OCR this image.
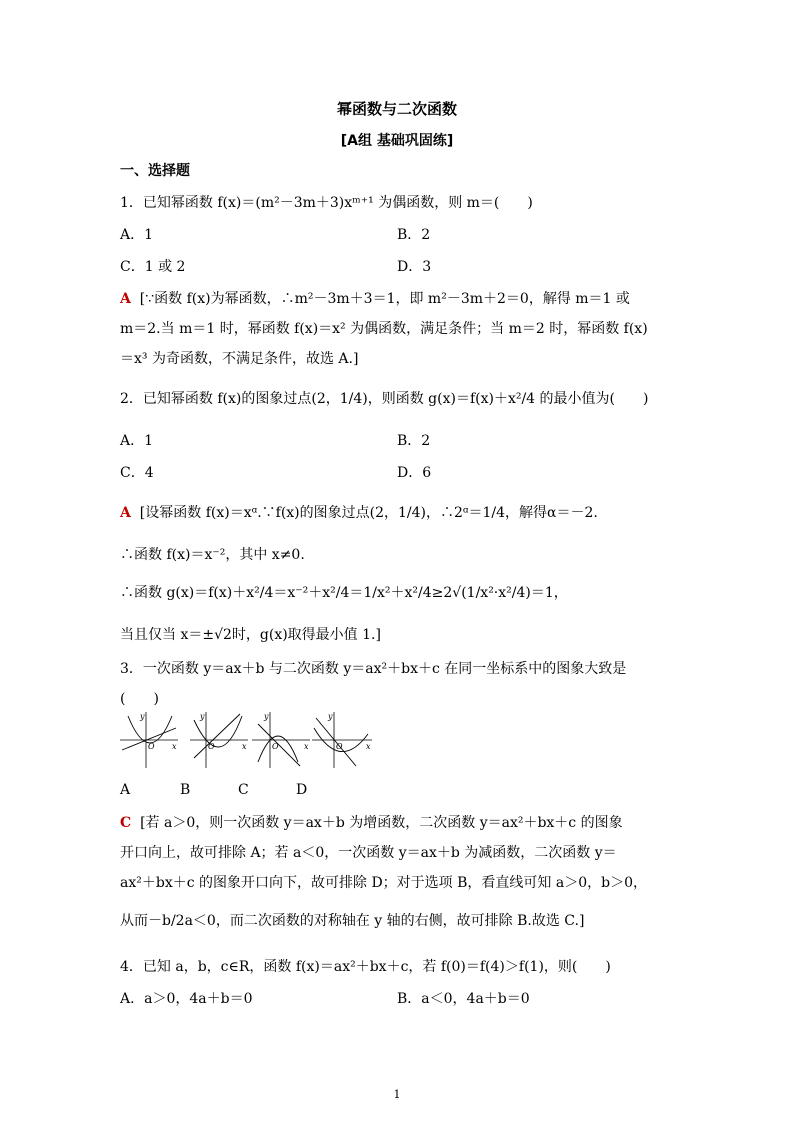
幂函数与二次函数
[A组 基础巩固练]
一、选择题
1．已知幂函数 f(x)＝(m²－3m＋3)xᵐ⁺¹ 为偶函数，则 m＝(　　)
A．1	B．2
C．1 或 2	D．3
A [∵函数 f(x)为幂函数，∴m²－3m＋3＝1，即 m²－3m＋2＝0，解得 m＝1 或
m＝2.当 m＝1 时，幂函数 f(x)＝x² 为偶函数，满足条件；当 m＝2 时，幂函数 f(x)
＝x³ 为奇函数，不满足条件，故选 A.]
2．已知幂函数 f(x)的图象过点(2，1/4)，则函数 g(x)＝f(x)＋x²/4 的最小值为(　　)
A．1	B．2
C．4	D．6
A [设幂函数 f(x)＝xᵅ.∵f(x)的图象过点(2，1/4)，∴2ᵅ＝1/4，解得α＝－2.
∴函数 f(x)＝x⁻²，其中 x≠0.
∴函数 g(x)＝f(x)＋x²/4＝x⁻²＋x²/4＝1/x²＋x²/4≥2√(1/x²·x²/4)＝1，
当且仅当 x＝±√2时，g(x)取得最小值 1.]
3．一次函数 y＝ax＋b 与二次函数 y＝ax²＋bx＋c 在同一坐标系中的图象大致是
(　　)
y
O x
y
O	x
y
O	x
y
O	x
A	B	C	D
C [若 a＞0，则一次函数 y＝ax＋b 为增函数，二次函数 y＝ax²＋bx＋c 的图象
开口向上，故可排除 A；若 a＜0，一次函数 y＝ax＋b 为减函数，二次函数 y＝
ax²＋bx＋c 的图象开口向下，故可排除 D；对于选项 B，看直线可知 a＞0，b＞0，
从而－b/2a＜0，而二次函数的对称轴在 y 轴的右侧，故可排除 B.故选 C.]
4．已知 a，b，c∈R，函数 f(x)＝ax²＋bx＋c，若 f(0)＝f(4)＞f(1)，则(　　)
A．a＞0，4a＋b＝0	B．a＜0，4a＋b＝0
1
